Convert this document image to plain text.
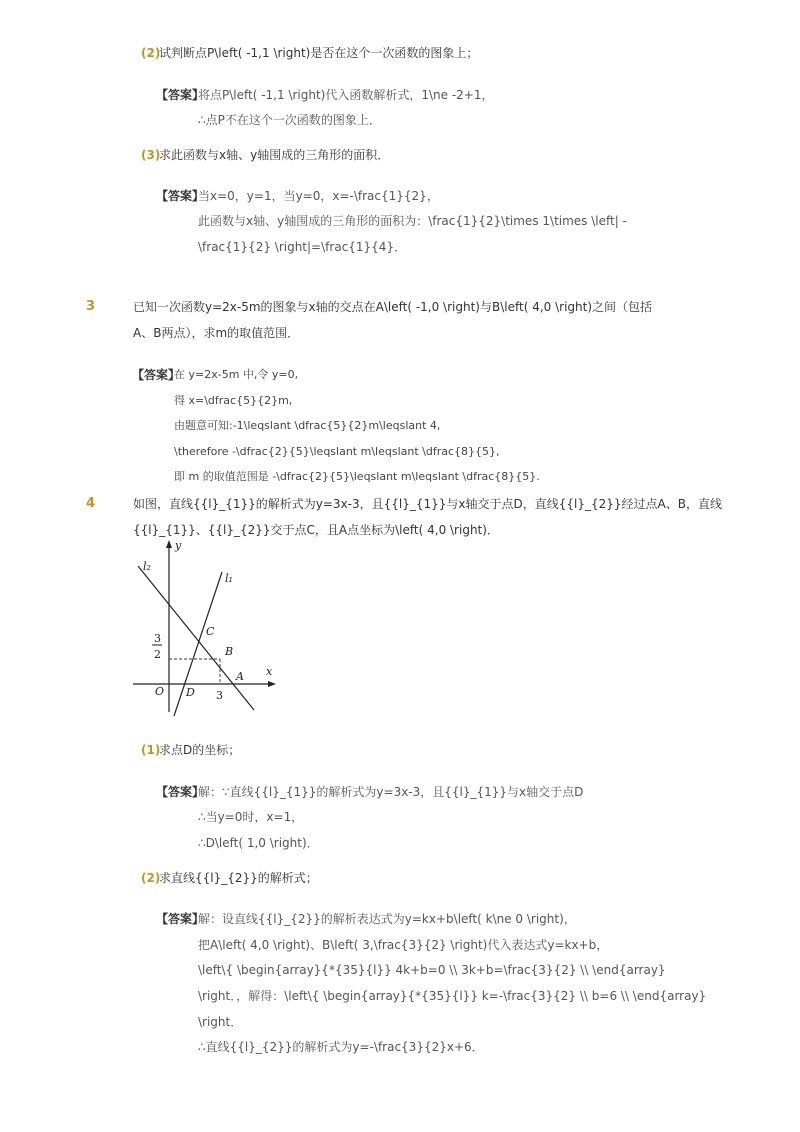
(2)
试判断点P\left( -1,1 \right)是否在这个一次函数的图象上；
【答案】
将点P\left( -1,1 \right)代入函数解析式，1\ne -2+1，
∴点P不在这个一次函数的图象上．
(3)
求此函数与x轴、y轴围成的三角形的面积．
【答案】
当x=0，y=1，当y=0，x=-\frac{1}{2}，
此函数与x轴、y轴围成的三角形的面积为：\frac{1}{2}\times 1\times \left| -
\frac{1}{2} \right|=\frac{1}{4}．
3	已知一次函数y=2x-5m的图象与x轴的交点在A\left( -1,0 \right)与B\left( 4,0 \right)之间（包括
A、B两点），求m的取值范围．
【答案】
在 y=2x-5m 中,令 y=0,
得 x=\dfrac{5}{2}m,
由题意可知:-1\leqslant \dfrac{5}{2}m\leqslant 4,
\therefore -\dfrac{2}{5}\leqslant m\leqslant \dfrac{8}{5},
即 m 的取值范围是 -\dfrac{2}{5}\leqslant m\leqslant \dfrac{8}{5}.
4	如图，直线{{l}_{1}}的解析式为y=3x-3，且{{l}_{1}}与x轴交于点D，直线{{l}_{2}}经过点A、B，直线
{{l}_{1}}、{{l}_{2}}交于点C，且A点坐标为\left( 4,0 \right)．
y
x
l₂
l₁
C
B
A
D
O	3
3
2
(1)
求点D的坐标；
【答案】
解：∵直线{{l}_{1}}的解析式为y=3x-3，且{{l}_{1}}与x轴交于点D
∴当y=0时，x=1，
∴D\left( 1,0 \right)．
(2)
求直线{{l}_{2}}的解析式；
【答案】
解：设直线{{l}_{2}}的解析表达式为y=kx+b\left( k\ne 0 \right)，
把A\left( 4,0 \right)、B\left( 3,\frac{3}{2} \right)代入表达式y=kx+b，
\left\{ \begin{array}{*{35}{l}} 4k+b=0 \\ 3k+b=\frac{3}{2} \\ \end{array}
\right．，解得：\left\{ \begin{array}{*{35}{l}} k=-\frac{3}{2} \\ b=6 \\ \end{array}
\right．
∴直线{{l}_{2}}的解析式为y=-\frac{3}{2}x+6．
